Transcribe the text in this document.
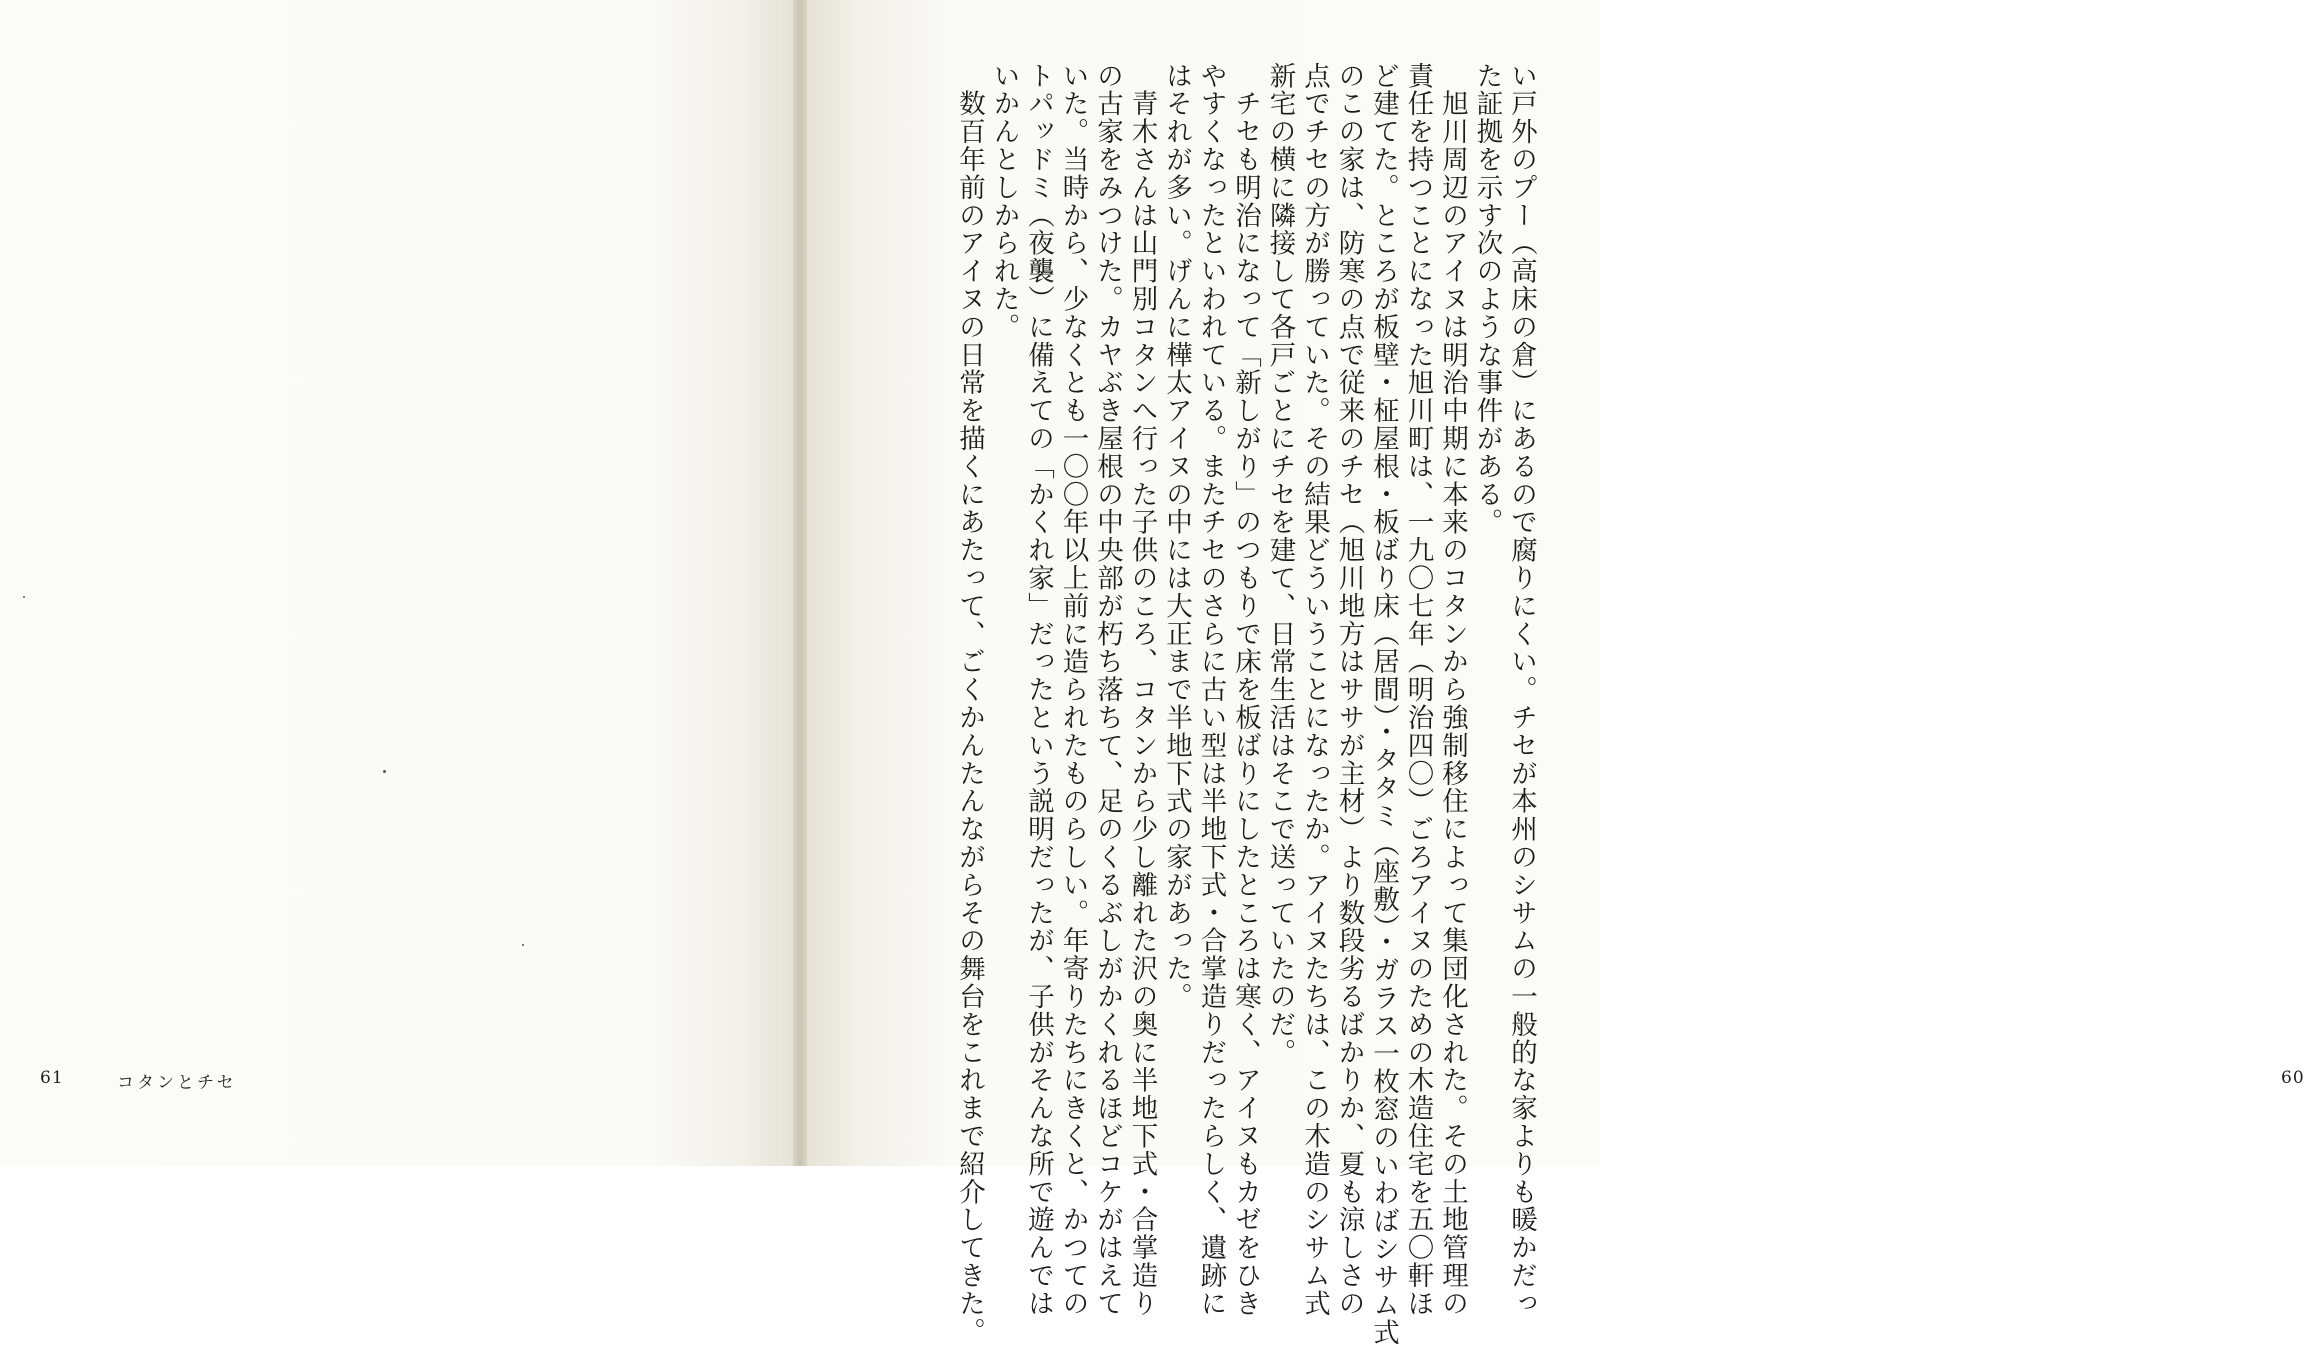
61	コタンとチセ	い戸外のプー（高床の倉）にあるので腐りにくい。チセが本州のシサムの一般的な家よりも暖かだっ
た証拠を示す次のような事件がある。
　旭川周辺のアイヌは明治中期に本来のコタンから強制移住によって集団化された。その土地管理の
責任を持つことになった旭川町は、一九〇七年（明治四〇）ごろアイヌのための木造住宅を五〇軒ほ
ど建てた。ところが板壁・柾屋根・板ばり床（居間）・タタミ（座敷）・ガラス一枚窓のいわばシサム式
のこの家は、防寒の点で従来のチセ（旭川地方はササが主材）より数段劣るばかりか、夏も涼しさの
点でチセの方が勝っていた。その結果どういうことになったか。アイヌたちは、この木造のシサム式
新宅の横に隣接して各戸ごとにチセを建て、日常生活はそこで送っていたのだ。
　チセも明治になって「新しがり」のつもりで床を板ばりにしたところは寒く、アイヌもカゼをひき
やすくなったといわれている。またチセのさらに古い型は半地下式・合掌造りだったらしく、遺跡に
はそれが多い。げんに樺太アイヌの中には大正まで半地下式の家があった。
　青木さんは山門別コタンへ行った子供のころ、コタンから少し離れた沢の奥に半地下式・合掌造り
の古家をみつけた。カヤぶき屋根の中央部が朽ち落ちて、足のくるぶしがかくれるほどコケがはえて
いた。当時から、少なくとも一〇〇年以上前に造られたものらしい。年寄りたちにきくと、かつての
トパッドミ（夜襲）に備えての「かくれ家」だったという説明だったが、子供がそんな所で遊んでは
いかんとしかられた。
　数百年前のアイヌの日常を描くにあたって、ごくかんたんながらその舞台をこれまで紹介してきた。	60
